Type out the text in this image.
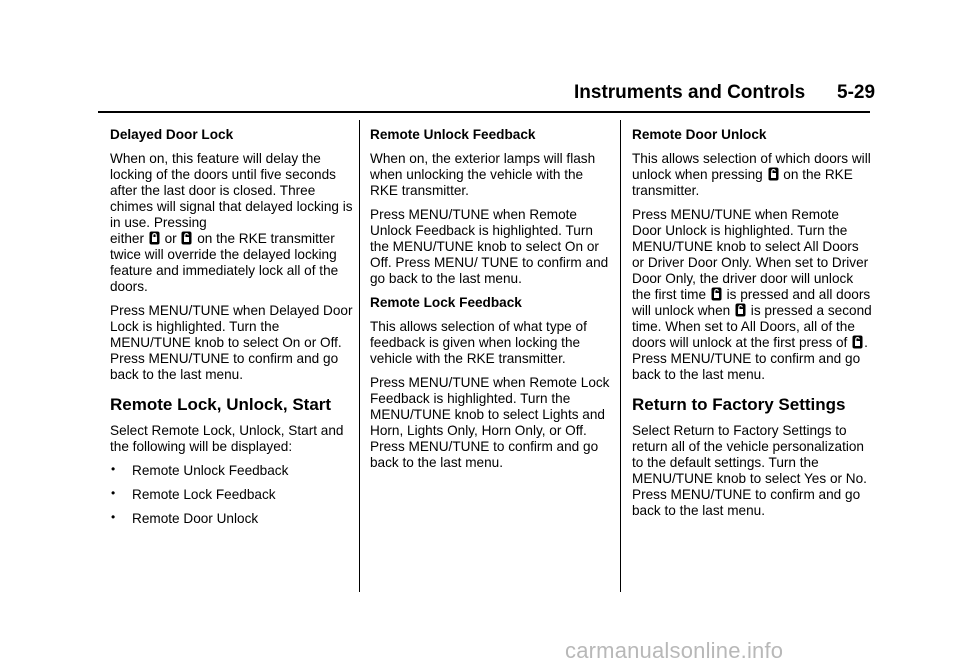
Instruments and Controls 5-29
Delayed Door Lock

When on, this feature will delay the locking of the doors until five seconds after the last door is closed. Three chimes will signal that delayed locking is in use. Pressing
either or on the RKE transmitter twice will override the delayed locking feature and immediately lock all of the doors.

Press MENU/TUNE when Delayed Door Lock is highlighted. Turn the MENU/TUNE knob to select On or Off. Press MENU/TUNE to confirm and go back to the last menu.

Remote Lock, Unlock, Start

Select Remote Lock, Unlock, Start and the following will be displayed:

• Remote Unlock Feedback
• Remote Lock Feedback
• Remote Door Unlock
Remote Unlock Feedback

When on, the exterior lamps will flash when unlocking the vehicle with the RKE transmitter.

Press MENU/TUNE when Remote Unlock Feedback is highlighted. Turn the MENU/TUNE knob to select On or Off. Press MENU/ TUNE to confirm and go back to the last menu.

Remote Lock Feedback

This allows selection of what type of feedback is given when locking the vehicle with the RKE transmitter.

Press MENU/TUNE when Remote Lock Feedback is highlighted. Turn the MENU/TUNE knob to select Lights and Horn, Lights Only, Horn Only, or Off. Press MENU/TUNE to confirm and go back to the last menu.

Remote Door Unlock

This allows selection of which doors will unlock when pressing on the RKE transmitter.

Press MENU/TUNE when Remote Door Unlock is highlighted. Turn the MENU/TUNE knob to select All Doors or Driver Door Only. When set to Driver Door Only, the driver door will unlock the first time is pressed and all doors will unlock when is pressed a second time. When set to All Doors, all of the doors will unlock at the first press of . Press MENU/TUNE to confirm and go back to the last menu.

Return to Factory Settings

Select Return to Factory Settings to return all of the vehicle personalization to the default settings. Turn the MENU/TUNE knob to select Yes or No. Press MENU/TUNE to confirm and go back to the last menu.

carmanualsonline.info
